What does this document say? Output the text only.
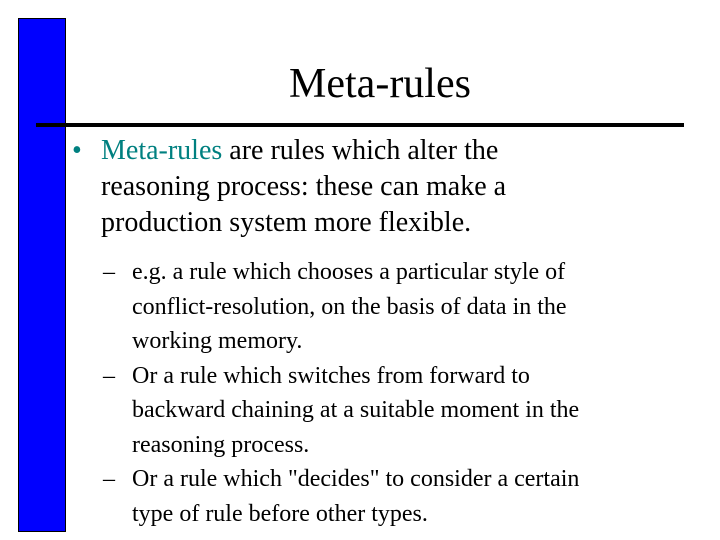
Meta-rules
• Meta-rules are rules which alter the
reasoning process: these can make a
production system more flexible.
– e.g. a rule which chooses a particular style of
conflict-resolution, on the basis of data in the
working memory.
– Or a rule which switches from forward to
backward chaining at a suitable moment in the
reasoning process.
– Or a rule which "decides" to consider a certain
type of rule before other types.
